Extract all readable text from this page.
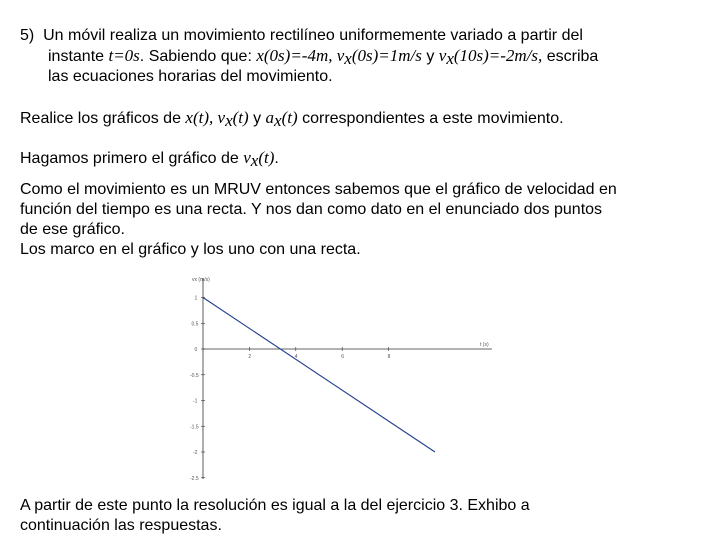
5) Un móvil realiza un movimiento rectilíneo uniformemente variado a partir del
instante t=0s. Sabiendo que: x(0s)=-4m, $v_x(0s)=1m/s$ y $v_x(10s)=-2m/s$, escriba
las ecuaciones horarias del movimiento.
Realice los gráficos de x(t), $v_x(t)$ y $a_x(t)$ correspondientes a este movimiento.
Hagamos primero el gráfico de $v_x(t)$.
Como el movimiento es un MRUV entonces sabemos que el gráfico de velocidad en
función del tiempo es una recta. Y nos dan como dato en el enunciado dos puntos
de ese gráfico.
Los marco en el gráfico y los uno con una recta.
vx (m/s)
t (s)
2	4	6	8
1
0.5
0
-0.5
-1
-1.5
-2
-2.5
A partir de este punto la resolución es igual a la del ejercicio 3. Exhibo a
continuación las respuestas.
